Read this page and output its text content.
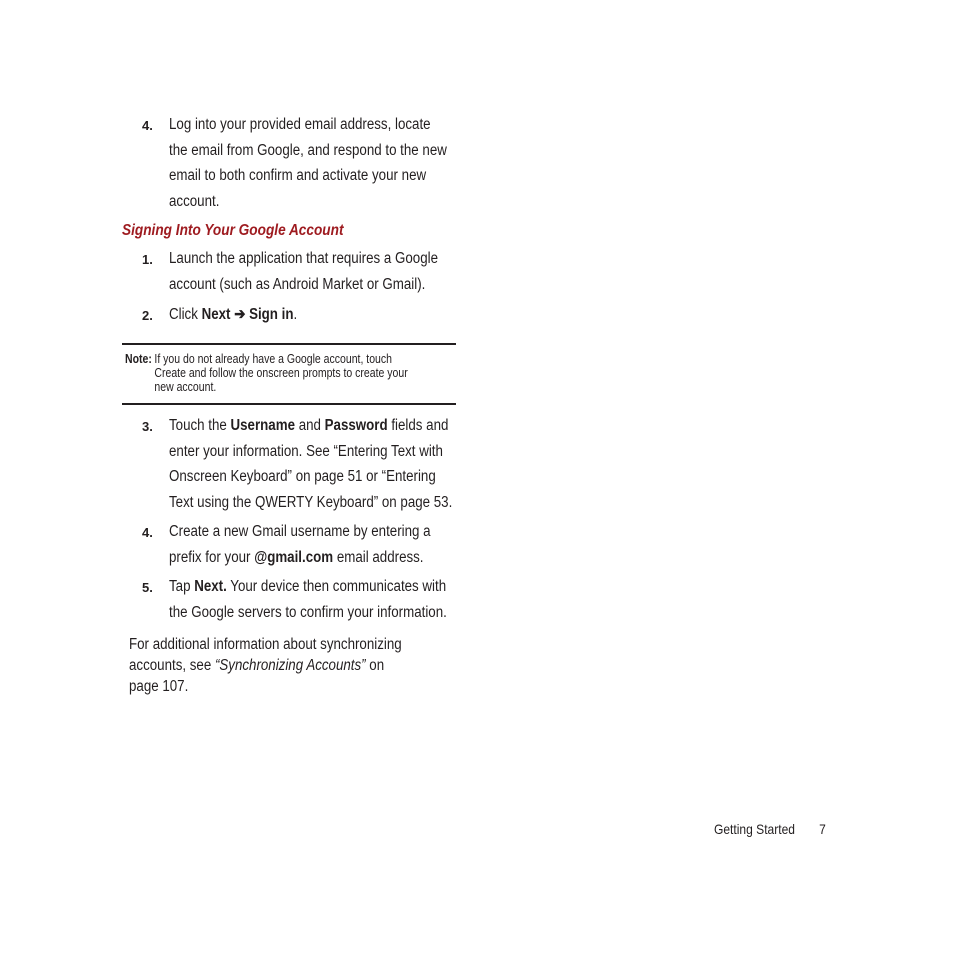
4. Log into your provided email address, locate
the email from Google, and respond to the new
email to both confirm and activate your new
account.
Signing Into Your Google Account
1. Launch the application that requires a Google
account (such as Android Market or Gmail).
2. Click Next ➔ Sign in.
Note: If you do not already have a Google account, touch
Create and follow the onscreen prompts to create your
new account.
3. Touch the Username and Password fields and
enter your information. See “Entering Text with
Onscreen Keyboard” on page 51 or “Entering
Text using the QWERTY Keyboard” on page 53.
4. Create a new Gmail username by entering a
prefix for your @gmail.com email address.
5. Tap Next. Your device then communicates with
the Google servers to confirm your information.
For additional information about synchronizing
accounts, see “Synchronizing Accounts” on
page 107.
Getting Started 7
